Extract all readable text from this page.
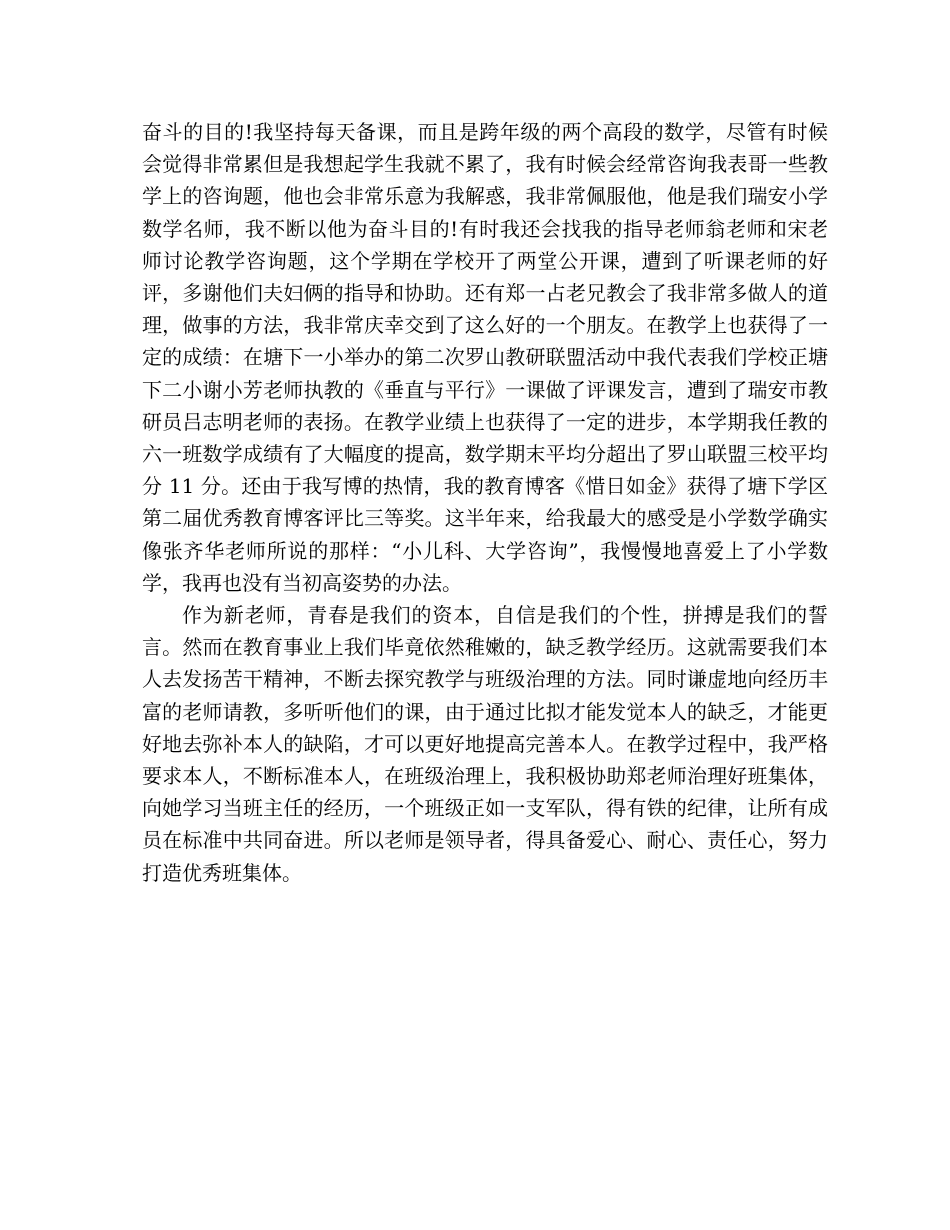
奋斗的目的!我坚持每天备课，而且是跨年级的两个高段的数学，尽管有时候会觉得非常累但是我想起学生我就不累了，我有时候会经常咨询我表哥一些教学上的咨询题，他也会非常乐意为我解惑，我非常佩服他，他是我们瑞安小学数学名师，我不断以他为奋斗目的!有时我还会找我的指导老师翁老师和宋老师讨论教学咨询题，这个学期在学校开了两堂公开课，遭到了听课老师的好评，多谢他们夫妇俩的指导和协助。还有郑一占老兄教会了我非常多做人的道理，做事的方法，我非常庆幸交到了这么好的一个朋友。在教学上也获得了一定的成绩：在塘下一小举办的第二次罗山教研联盟活动中我代表我们学校正塘下二小谢小芳老师执教的《垂直与平行》一课做了评课发言，遭到了瑞安市教研员吕志明老师的表扬。在教学业绩上也获得了一定的进步，本学期我任教的六一班数学成绩有了大幅度的提高，数学期末平均分超出了罗山联盟三校平均分 11 分。还由于我写博的热情，我的教育博客《惜日如金》获得了塘下学区第二届优秀教育博客评比三等奖。这半年来，给我最大的感受是小学数学确实像张齐华老师所说的那样：“小儿科、大学咨询”，我慢慢地喜爱上了小学数学，我再也没有当初高姿势的办法。

作为新老师，青春是我们的资本，自信是我们的个性，拼搏是我们的誓言。然而在教育事业上我们毕竟依然稚嫩的，缺乏教学经历。这就需要我们本人去发扬苦干精神，不断去探究教学与班级治理的方法。同时谦虚地向经历丰富的老师请教，多听听他们的课，由于通过比拟才能发觉本人的缺乏，才能更好地去弥补本人的缺陷，才可以更好地提高完善本人。在教学过程中，我严格要求本人，不断标准本人，在班级治理上，我积极协助郑老师治理好班集体，向她学习当班主任的经历，一个班级正如一支军队，得有铁的纪律，让所有成员在标准中共同奋进。所以老师是领导者，得具备爱心、耐心、责任心，努力打造优秀班集体。
